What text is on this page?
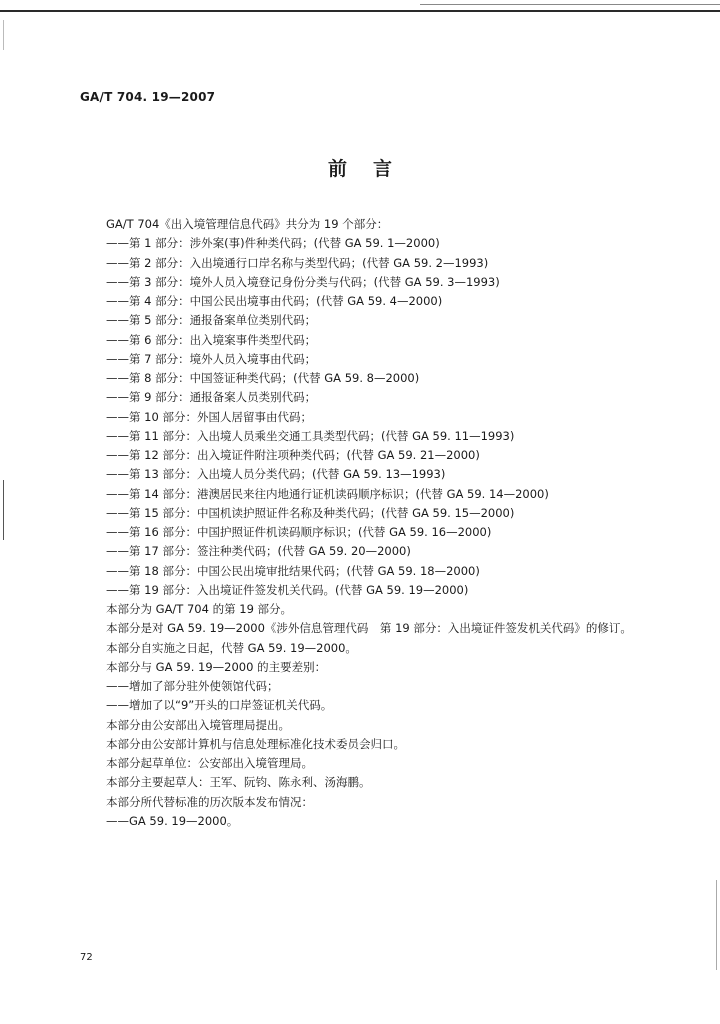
GA/T 704. 19—2007
前言
GA/T 704《出入境管理信息代码》共分为 19 个部分：
——第 1 部分：涉外案(事)件种类代码；(代替 GA 59. 1—2000)
——第 2 部分：入出境通行口岸名称与类型代码；(代替 GA 59. 2—1993)
——第 3 部分：境外人员入境登记身份分类与代码；(代替 GA 59. 3—1993)
——第 4 部分：中国公民出境事由代码；(代替 GA 59. 4—2000)
——第 5 部分：通报备案单位类别代码；
——第 6 部分：出入境案事件类型代码；
——第 7 部分：境外人员入境事由代码；
——第 8 部分：中国签证种类代码；(代替 GA 59. 8—2000)
——第 9 部分：通报备案人员类别代码；
——第 10 部分：外国人居留事由代码；
——第 11 部分：入出境人员乘坐交通工具类型代码；(代替 GA 59. 11—1993)
——第 12 部分：出入境证件附注项种类代码；(代替 GA 59. 21—2000)
——第 13 部分：入出境人员分类代码；(代替 GA 59. 13—1993)
——第 14 部分：港澳居民来往内地通行证机读码顺序标识；(代替 GA 59. 14—2000)
——第 15 部分：中国机读护照证件名称及种类代码；(代替 GA 59. 15—2000)
——第 16 部分：中国护照证件机读码顺序标识；(代替 GA 59. 16—2000)
——第 17 部分：签注种类代码；(代替 GA 59. 20—2000)
——第 18 部分：中国公民出境审批结果代码；(代替 GA 59. 18—2000)
——第 19 部分：入出境证件签发机关代码。(代替 GA 59. 19—2000)
本部分为 GA/T 704 的第 19 部分。
本部分是对 GA 59. 19—2000《涉外信息管理代码　第 19 部分：入出境证件签发机关代码》的修订。
本部分自实施之日起，代替 GA 59. 19—2000。
本部分与 GA 59. 19—2000 的主要差别：
——增加了部分驻外使领馆代码；
——增加了以“9”开头的口岸签证机关代码。
本部分由公安部出入境管理局提出。
本部分由公安部计算机与信息处理标准化技术委员会归口。
本部分起草单位：公安部出入境管理局。
本部分主要起草人：王军、阮钧、陈永利、汤海鹏。
本部分所代替标准的历次版本发布情况：
——GA 59. 19—2000。
72
